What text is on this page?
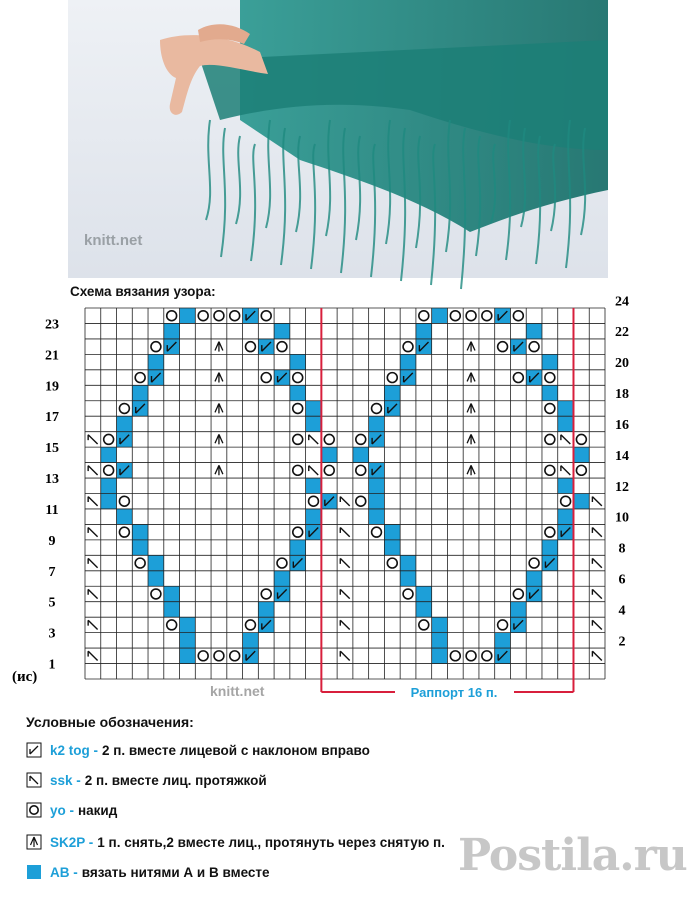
knitt.net
Схема вязания узора:
23
21
19
17
15
13
11
9
7
5
3
1
24
22
20
18
16
14
12
10
8
6
4
2
(ис)
knitt.net	Раппорт 16 п.
Условные обозначения:
k2 tog - 2 п. вместе лицевой с наклоном вправо
ssk - 2 п. вместе лиц. протяжкой
yo - накид
SK2P - 1 п. снять,2 вместе лиц., протянуть через снятую п.
AB - вязать нитями А и В вместе	Postila.ru
